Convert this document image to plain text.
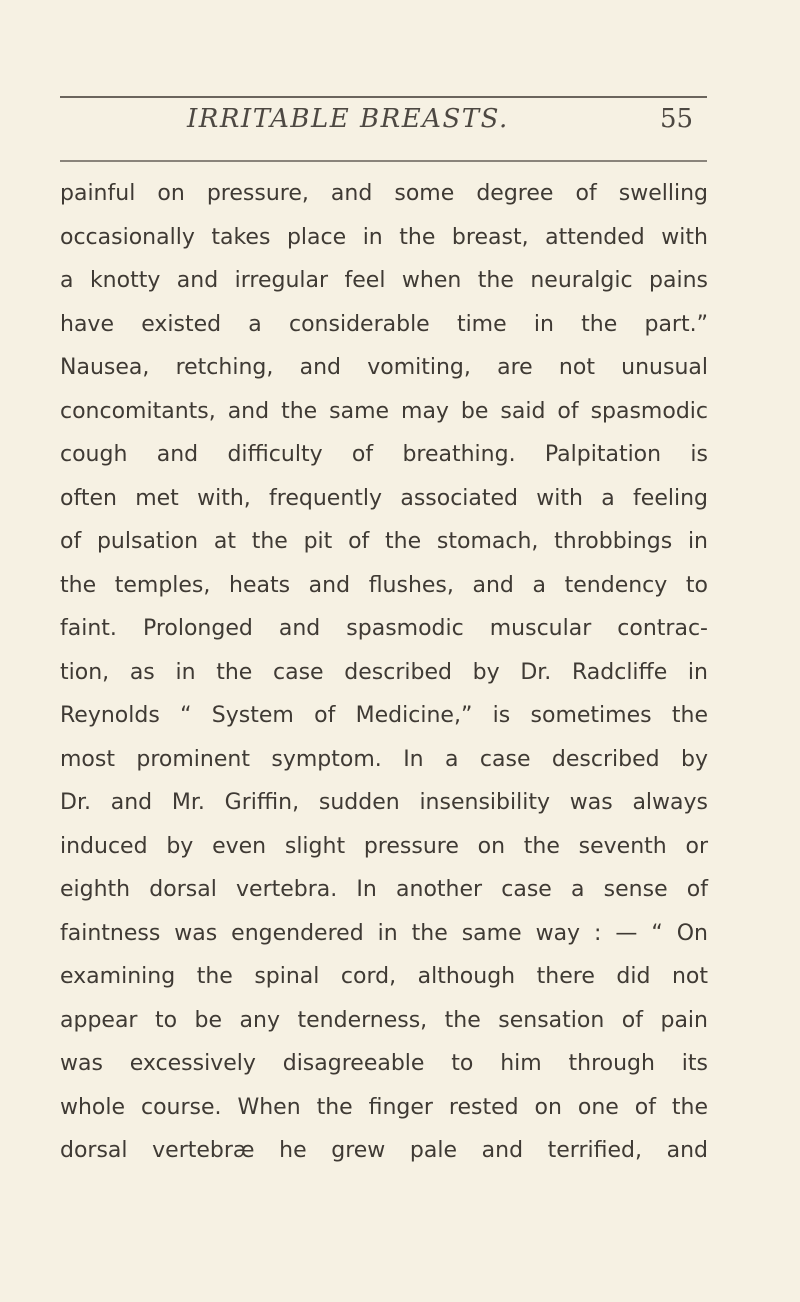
IRRITABLE BREASTS.	55
painful on pressure, and some degree of swelling
occasionally takes place in the breast, attended with
a knotty and irregular feel when the neuralgic pains
have existed a considerable time in the part.”
Nausea, retching, and vomiting, are not unusual
concomitants, and the same may be said of spasmodic
cough and difficulty of breathing. Palpitation is
often met with, frequently associated with a feeling
of pulsation at the pit of the stomach, throbbings in
the temples, heats and flushes, and a tendency to
faint. Prolonged and spasmodic muscular contrac-
tion, as in the case described by Dr. Radcliffe in
Reynolds “ System of Medicine,” is sometimes the
most prominent symptom. In a case described by
Dr. and Mr. Griffin, sudden insensibility was always
induced by even slight pressure on the seventh or
eighth dorsal vertebra. In another case a sense of
faintness was engendered in the same way : — “ On
examining the spinal cord, although there did not
appear to be any tenderness, the sensation of pain
was excessively disagreeable to him through its
whole course. When the finger rested on one of the
dorsal vertebræ he grew pale and terrified, and
